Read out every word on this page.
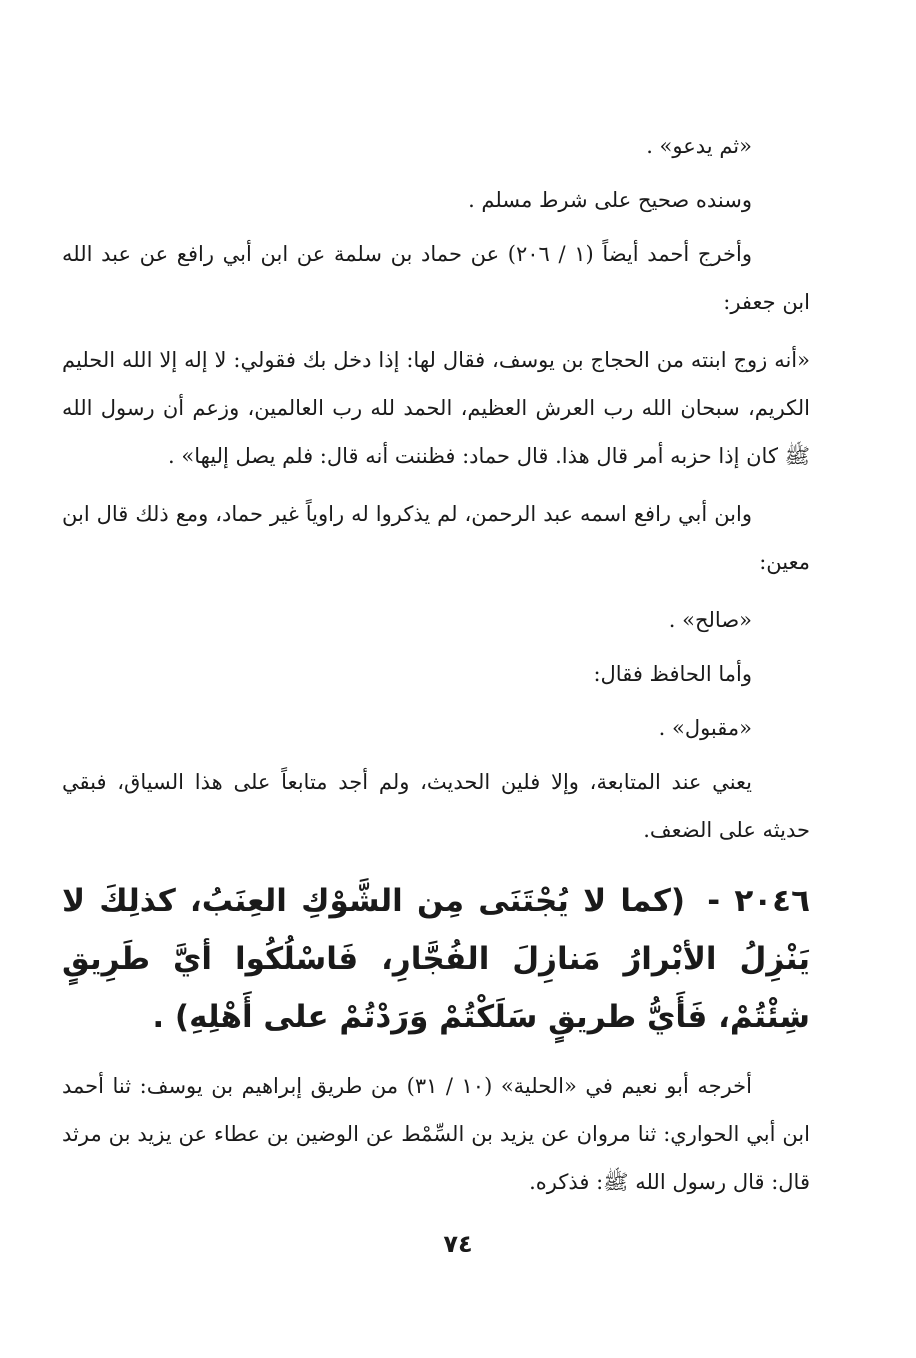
«ثم يدعو» .

وسنده صحيح على شرط مسلم .

وأخرج أحمد أيضاً (١ / ٢٠٦) عن حماد بن سلمة عن ابن أبي رافع عن عبد الله ابن جعفر:

«أنه زوج ابنته من الحجاج بن يوسف، فقال لها: إذا دخل بك فقولي: لا إله إلا الله الحليم الكريم، سبحان الله رب العرش العظيم، الحمد لله رب العالمين، وزعم أن رسول الله ﷺ كان إذا حزبه أمر قال هذا. قال حماد: فظننت أنه قال: فلم يصل إليها» .

وابن أبي رافع اسمه عبد الرحمن، لم يذكروا له راوياً غير حماد، ومع ذلك قال ابن معين:

«صالح» .

وأما الحافظ فقال:

«مقبول» .

يعني عند المتابعة، وإلا فلين الحديث، ولم أجد متابعاً على هذا السياق، فبقي حديثه على الضعف.

٢٠٤٦ - (كما لا يُجْتَنَى مِن الشَّوْكِ العِنَبُ، كذلِكَ لا يَنْزِلُ الأبْرارُ مَنازِلَ الفُجَّارِ، فَاسْلُكُوا أيَّ طَرِيقٍ شِئْتُمْ، فَأَيُّ طريقٍ سَلَكْتُمْ وَرَدْتُمْ على أَهْلِهِ) .

أخرجه أبو نعيم في «الحلية» (١٠ / ٣١) من طريق إبراهيم بن يوسف: ثنا أحمد ابن أبي الحواري: ثنا مروان عن يزيد بن السِّمْط عن الوضين بن عطاء عن يزيد بن مرثد قال: قال رسول الله ﷺ: فذكره.

٧٤
